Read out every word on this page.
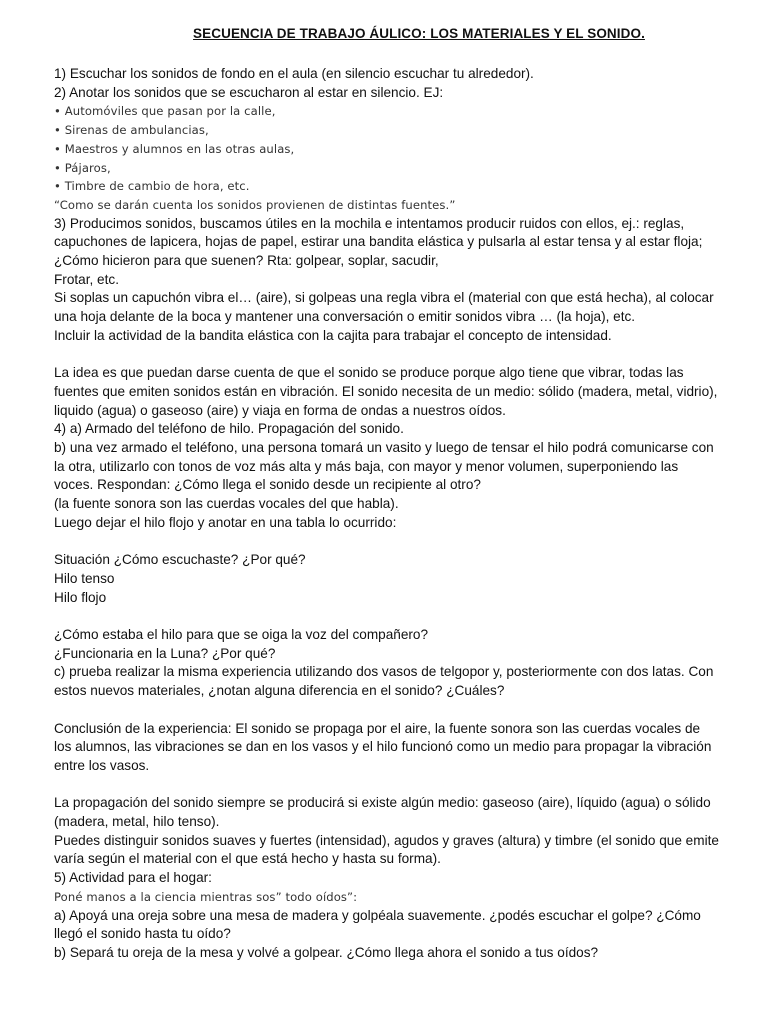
SECUENCIA DE TRABAJO ÁULICO: LOS MATERIALES Y EL SONIDO.
1) Escuchar los sonidos de fondo en el aula (en silencio escuchar tu alrededor).
2) Anotar los sonidos que se escucharon al estar en silencio. EJ:
• Automóviles que pasan por la calle,
• Sirenas de ambulancias,
• Maestros y alumnos en las otras aulas,
• Pájaros,
• Timbre de cambio de hora, etc.
“Como se darán cuenta los sonidos provienen de distintas fuentes.”
3) Producimos sonidos, buscamos útiles en la mochila e intentamos producir ruidos con ellos, ej.: reglas,
capuchones de lapicera, hojas de papel, estirar una bandita elástica y pulsarla al estar tensa y al estar floja;
¿Cómo hicieron para que suenen? Rta: golpear, soplar, sacudir,
Frotar, etc.
Si soplas un capuchón vibra el… (aire), si golpeas una regla vibra el (material con que está hecha), al colocar
una hoja delante de la boca y mantener una conversación o emitir sonidos vibra … (la hoja), etc.
Incluir la actividad de la bandita elástica con la cajita para trabajar el concepto de intensidad.
La idea es que puedan darse cuenta de que el sonido se produce porque algo tiene que vibrar, todas las
fuentes que emiten sonidos están en vibración. El sonido necesita de un medio: sólido (madera, metal, vidrio),
liquido (agua) o gaseoso (aire) y viaja en forma de ondas a nuestros oídos.
4) a) Armado del teléfono de hilo. Propagación del sonido.
b) una vez armado el teléfono, una persona tomará un vasito y luego de tensar el hilo podrá comunicarse con
la otra, utilizarlo con tonos de voz más alta y más baja, con mayor y menor volumen, superponiendo las
voces. Respondan: ¿Cómo llega el sonido desde un recipiente al otro?
(la fuente sonora son las cuerdas vocales del que habla).
Luego dejar el hilo flojo y anotar en una tabla lo ocurrido:
Situación ¿Cómo escuchaste? ¿Por qué?
Hilo tenso
Hilo flojo
¿Cómo estaba el hilo para que se oiga la voz del compañero?
¿Funcionaria en la Luna? ¿Por qué?
c) prueba realizar la misma experiencia utilizando dos vasos de telgopor y, posteriormente con dos latas. Con
estos nuevos materiales, ¿notan alguna diferencia en el sonido? ¿Cuáles?
Conclusión de la experiencia: El sonido se propaga por el aire, la fuente sonora son las cuerdas vocales de
los alumnos, las vibraciones se dan en los vasos y el hilo funcionó como un medio para propagar la vibración
entre los vasos.
La propagación del sonido siempre se producirá si existe algún medio: gaseoso (aire), líquido (agua) o sólido
(madera, metal, hilo tenso).
Puedes distinguir sonidos suaves y fuertes (intensidad), agudos y graves (altura) y timbre (el sonido que emite
varía según el material con el que está hecho y hasta su forma).
5) Actividad para el hogar:
Poné manos a la ciencia mientras sos” todo oídos”:
a) Apoyá una oreja sobre una mesa de madera y golpéala suavemente. ¿podés escuchar el golpe? ¿Cómo
llegó el sonido hasta tu oído?
b) Separá tu oreja de la mesa y volvé a golpear. ¿Cómo llega ahora el sonido a tus oídos?
